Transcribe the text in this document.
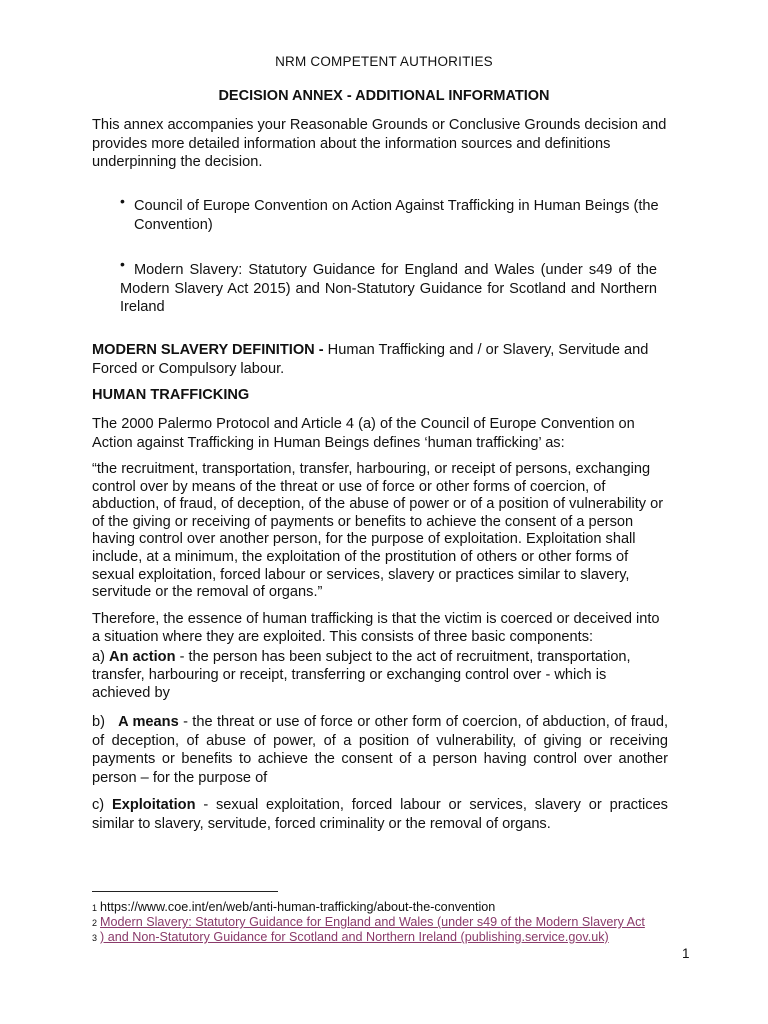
NRM COMPETENT AUTHORITIES
DECISION ANNEX - ADDITIONAL INFORMATION
This annex accompanies your Reasonable Grounds or Conclusive Grounds decision and provides more detailed information about the information sources and definitions underpinning the decision.
• Council of Europe Convention on Action Against Trafficking in Human Beings (the Convention)
• Modern Slavery: Statutory Guidance for England and Wales (under s49 of the Modern Slavery Act 2015) and Non-Statutory Guidance for Scotland and Northern Ireland
MODERN SLAVERY DEFINITION - Human Trafficking and / or Slavery, Servitude and Forced or Compulsory labour.
HUMAN TRAFFICKING
The 2000 Palermo Protocol and Article 4 (a) of the Council of Europe Convention on Action against Trafficking in Human Beings defines ‘human trafficking’ as:
“the recruitment, transportation, transfer, harbouring, or receipt of persons, exchanging control over by means of the threat or use of force or other forms of coercion, of abduction, of fraud, of deception, of the abuse of power or of a position of vulnerability or of the giving or receiving of payments or benefits to achieve the consent of a person having control over another person, for the purpose of exploitation. Exploitation shall include, at a minimum, the exploitation of the prostitution of others or other forms of sexual exploitation, forced labour or services, slavery or practices similar to slavery, servitude or the removal of organs.”
Therefore, the essence of human trafficking is that the victim is coerced or deceived into a situation where they are exploited. This consists of three basic components:
a) An action - the person has been subject to the act of recruitment, transportation, transfer, harbouring or receipt, transferring or exchanging control over - which is achieved by
b)   A means - the threat or use of force or other form of coercion, of abduction, of fraud, of deception, of abuse of power, of a position of vulnerability, of giving or receiving payments or benefits to achieve the consent of a person having control over another person – for the purpose of
c) Exploitation - sexual exploitation, forced labour or services, slavery or practices similar to slavery, servitude, forced criminality or the removal of organs.
1 https://www.coe.int/en/web/anti-human-trafficking/about-the-convention
2 Modern Slavery: Statutory Guidance for England and Wales (under s49 of the Modern Slavery Act
3 ) and Non-Statutory Guidance for Scotland and Northern Ireland (publishing.service.gov.uk)
1
